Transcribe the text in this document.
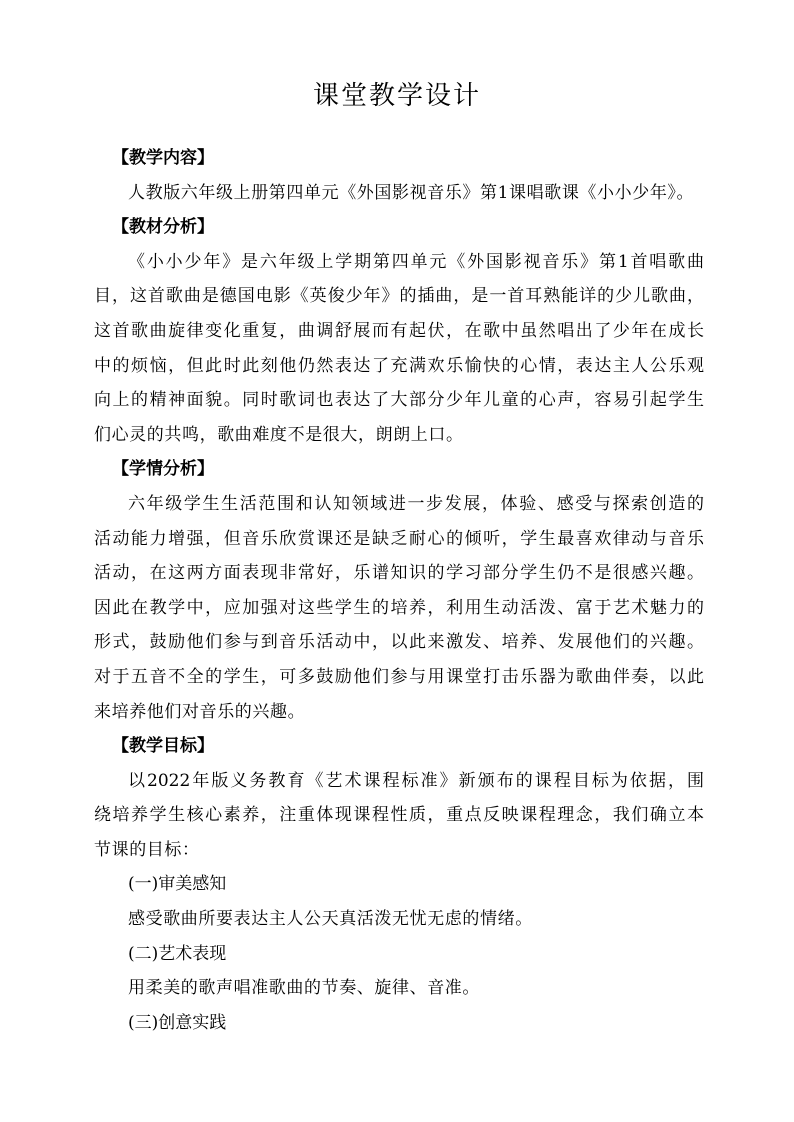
课堂教学设计

【教学内容】

人教版六年级上册第四单元《外国影视音乐》第1课唱歌课《小小少年》。

【教材分析】

《小小少年》是六年级上学期第四单元《外国影视音乐》第1首唱歌曲

目，这首歌曲是德国电影《英俊少年》的插曲，是一首耳熟能详的少儿歌曲，

这首歌曲旋律变化重复，曲调舒展而有起伏，在歌中虽然唱出了少年在成长

中的烦恼，但此时此刻他仍然表达了充满欢乐愉快的心情，表达主人公乐观

向上的精神面貌。同时歌词也表达了大部分少年儿童的心声，容易引起学生

们心灵的共鸣，歌曲难度不是很大，朗朗上口。

【学情分析】

六年级学生生活范围和认知领域进一步发展，体验、感受与探索创造的

活动能力增强，但音乐欣赏课还是缺乏耐心的倾听，学生最喜欢律动与音乐

活动，在这两方面表现非常好，乐谱知识的学习部分学生仍不是很感兴趣。

因此在教学中，应加强对这些学生的培养，利用生动活泼、富于艺术魅力的

形式，鼓励他们参与到音乐活动中，以此来激发、培养、发展他们的兴趣。

对于五音不全的学生，可多鼓励他们参与用课堂打击乐器为歌曲伴奏，以此

来培养他们对音乐的兴趣。

【教学目标】

以2022年版义务教育《艺术课程标准》新颁布的课程目标为依据，围

绕培养学生核心素养，注重体现课程性质，重点反映课程理念，我们确立本

节课的目标：

(一)审美感知

感受歌曲所要表达主人公天真活泼无忧无虑的情绪。

(二)艺术表现

用柔美的歌声唱准歌曲的节奏、旋律、音准。

(三)创意实践
